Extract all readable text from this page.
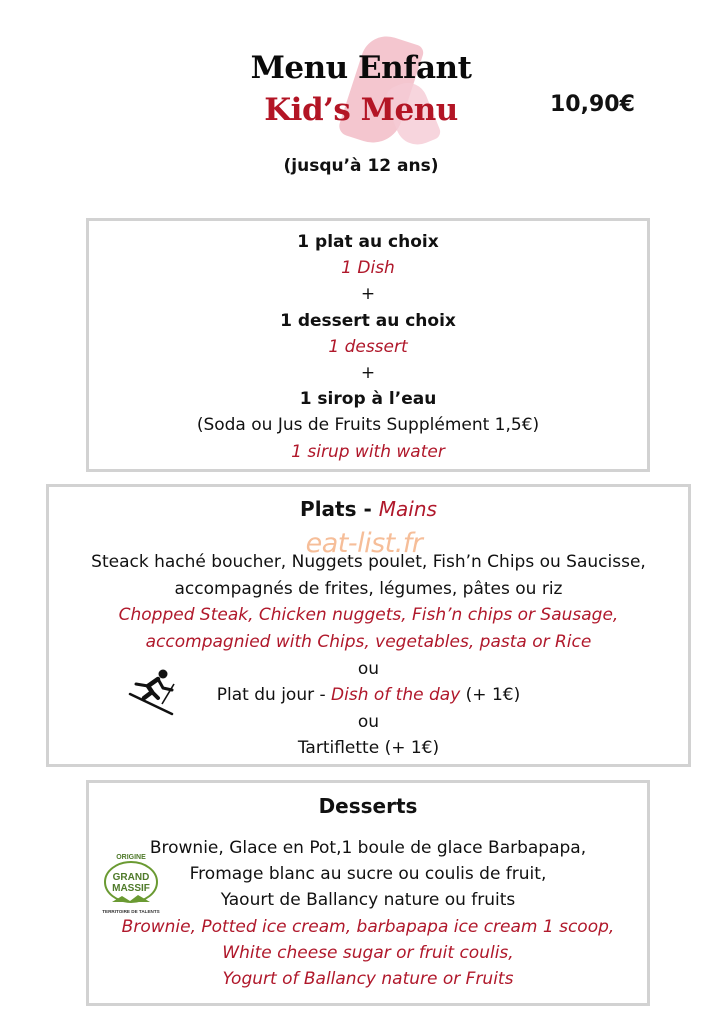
Menu Enfant
Kid’s Menu	10,90€
(jusqu’à 12 ans)
1 plat au choix
1 Dish
+
1 dessert au choix
1 dessert
+
1 sirop à l’eau
(Soda ou Jus de Fruits Supplément 1,5€)
1 sirup with water
Plats - Mains
Steack haché boucher, Nuggets poulet, Fish’n Chips ou Saucisse,
accompagnés de frites, légumes, pâtes ou riz
Chopped Steak, Chicken nuggets, Fish’n chips or Sausage,
accompagnied with Chips, vegetables, pasta or Rice
ou
Plat du jour - Dish of the day (+ 1€)
ou
Tartiflette (+ 1€)
eat-list.fr
Desserts
Brownie, Glace en Pot,1 boule de glace Barbapapa,
Fromage blanc au sucre ou coulis de fruit,
Yaourt de Ballancy nature ou fruits
Brownie, Potted ice cream, barbapapa ice cream 1 scoop,
White cheese sugar or fruit coulis,
Yogurt of Ballancy nature or Fruits
ORIGINE
GRAND
MASSIF
TERRITOIRE DE TALENTS
